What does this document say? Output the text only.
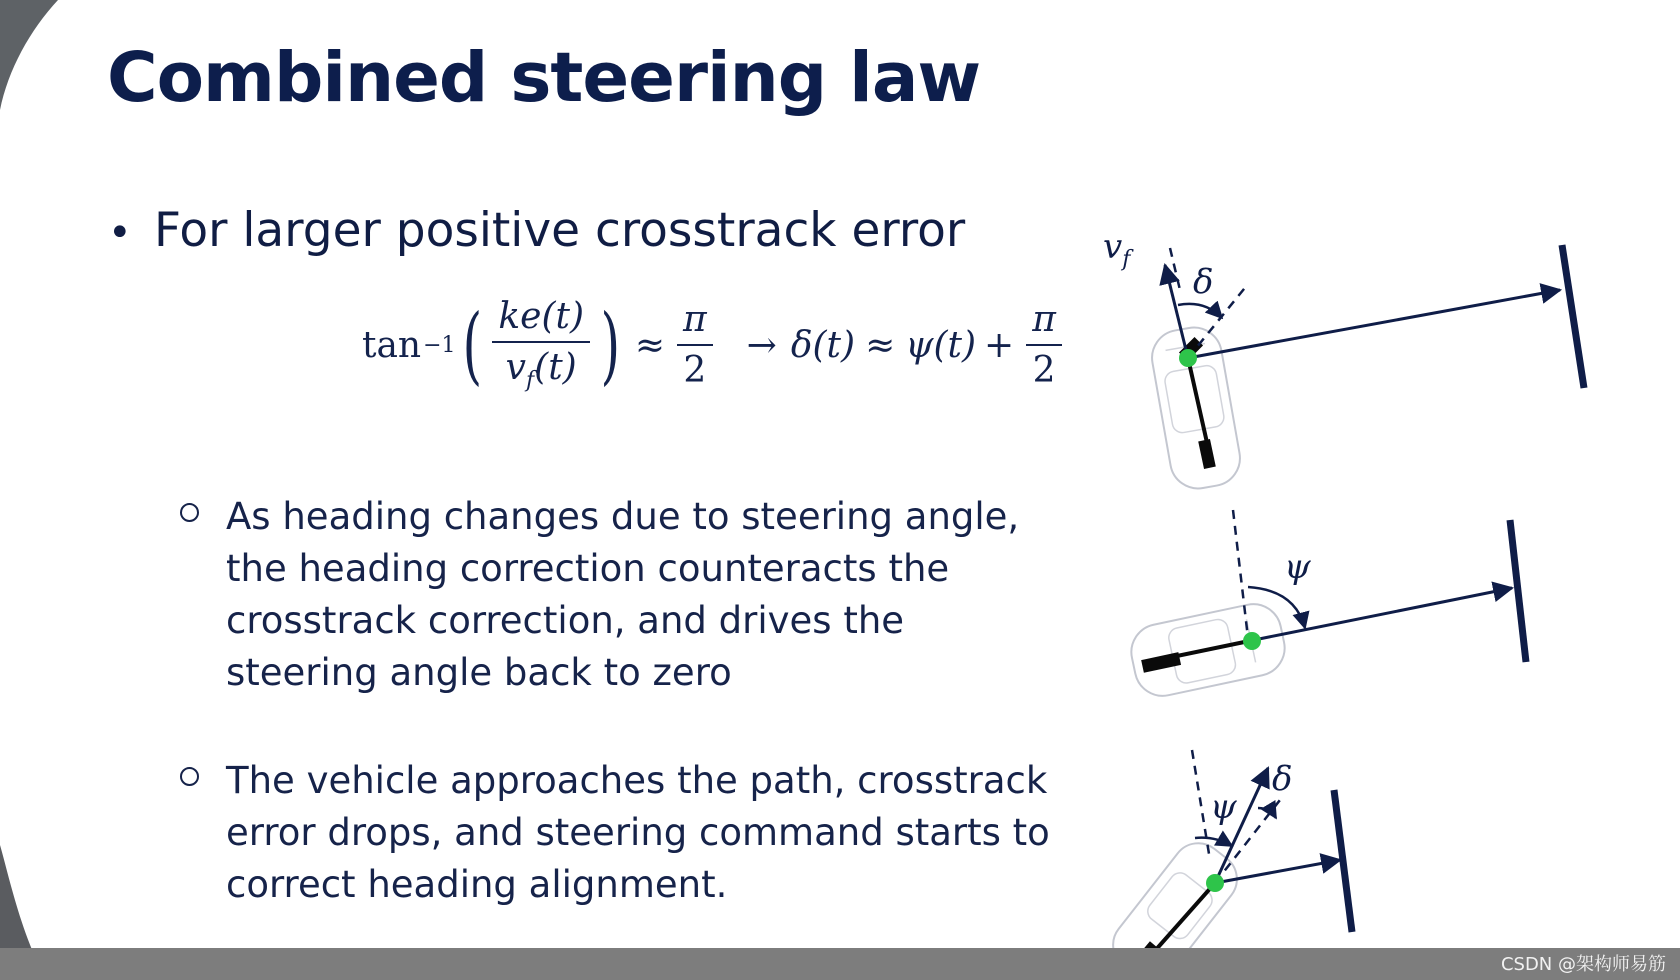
Combined steering law
• For larger positive crosstrack error
tan −1 ( $\frac{ke(t)}{v_f(t)}$ ) ≈ $\frac{\pi}{2} \to \delta(t) \approx \psi(t) + \frac{\pi}{2}$
As heading changes due to steering angle,
the heading correction counteracts the
crosstrack correction, and drives the
steering angle back to zero
The vehicle approaches the path, crosstrack
error drops, and steering command starts to
correct heading alignment.
$v_f$
δ
ψ
ψ
δ
CSDN @架构师易筋
